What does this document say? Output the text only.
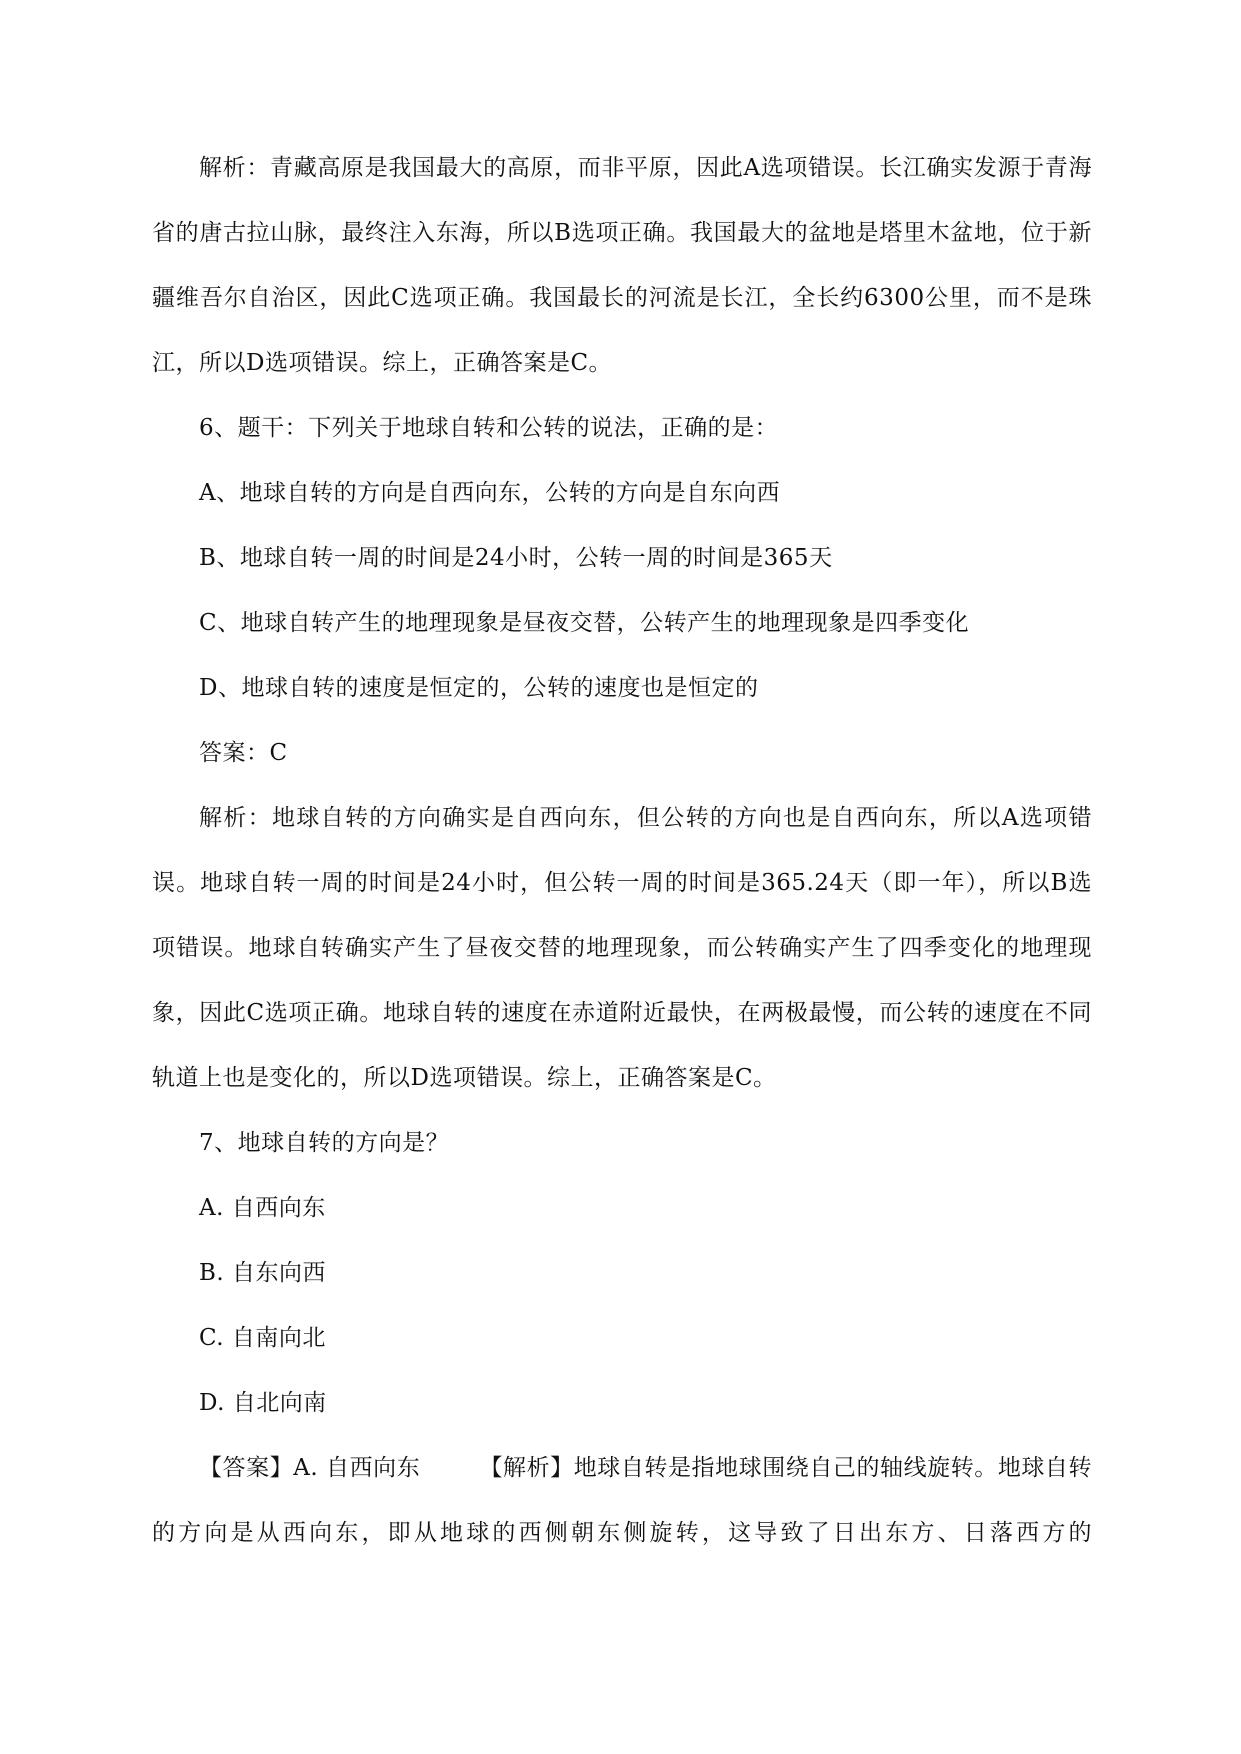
解析：青藏高原是我国最大的高原，而非平原，因此A选项错误。长江确实发源于青海省的唐古拉山脉，最终注入东海，所以B选项正确。我国最大的盆地是塔里木盆地，位于新疆维吾尔自治区，因此C选项正确。我国最长的河流是长江，全长约6300公里，而不是珠江，所以D选项错误。综上，正确答案是C。

6、题干：下列关于地球自转和公转的说法，正确的是：

A、地球自转的方向是自西向东，公转的方向是自东向西

B、地球自转一周的时间是24小时，公转一周的时间是365天

C、地球自转产生的地理现象是昼夜交替，公转产生的地理现象是四季变化

D、地球自转的速度是恒定的，公转的速度也是恒定的

答案：C

解析：地球自转的方向确实是自西向东，但公转的方向也是自西向东，所以A选项错误。地球自转一周的时间是24小时，但公转一周的时间是365.24天（即一年），所以B选项错误。地球自转确实产生了昼夜交替的地理现象，而公转确实产生了四季变化的地理现象，因此C选项正确。地球自转的速度在赤道附近最快，在两极最慢，而公转的速度在不同轨道上也是变化的，所以D选项错误。综上，正确答案是C。

7、地球自转的方向是？

A. 自西向东

B. 自东向西

C. 自南向北

D. 自北向南

【答案】A. 自西向东　　　【解析】地球自转是指地球围绕自己的轴线旋转。地球自转的方向是从西向东，即从地球的西侧朝东侧旋转，这导致了日出东方、日落西方的
